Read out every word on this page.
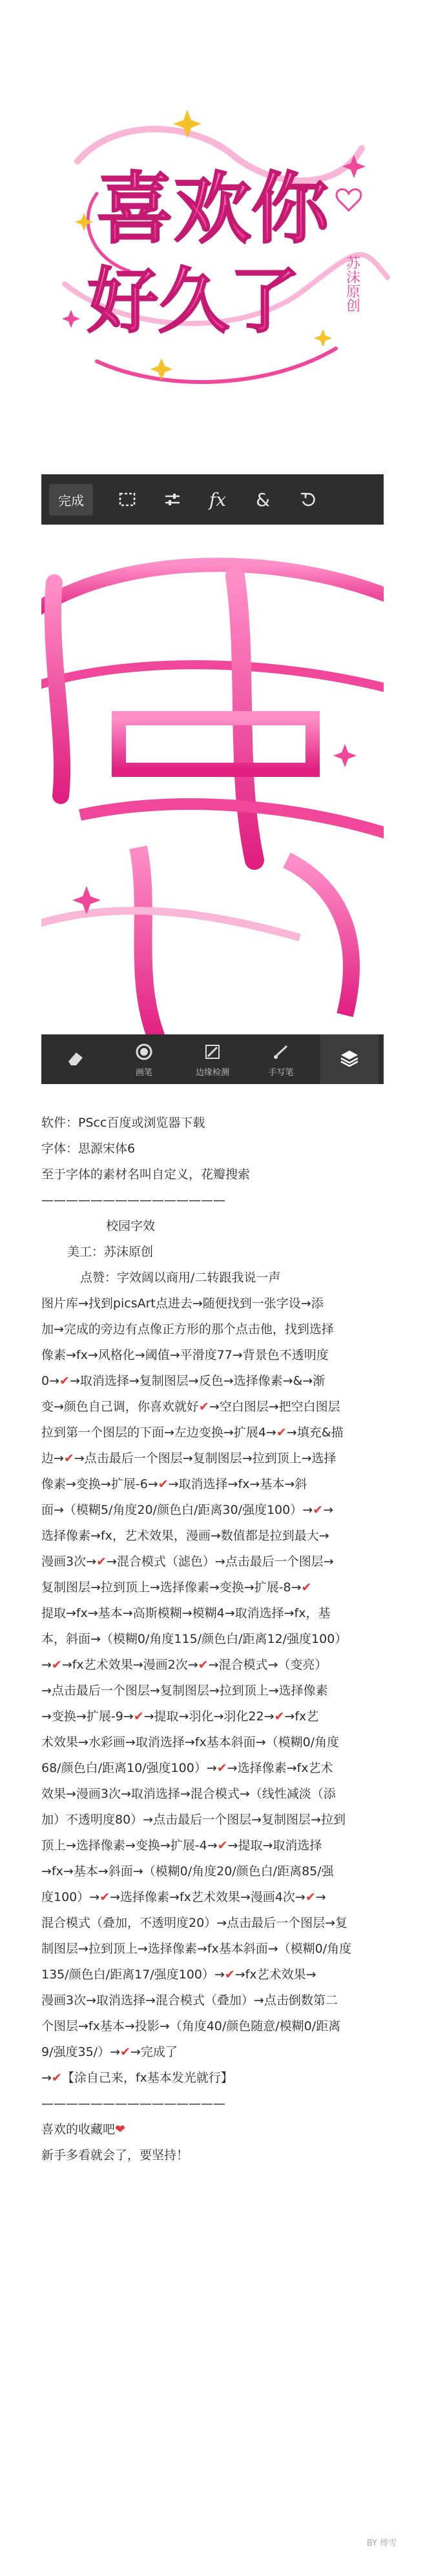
喜欢你
好久了	苏沫原创
完成	fx &
画笔	边缘检测	手写笔
软件：PScc百度或浏览器下载
字体：思源宋体6
至于字体的素材名叫自定义，花瓣搜索
———————————————
校园字效
美工：苏沫原创
点赞：字效阔以商用/二转跟我说一声
图片库→找到picsArt点进去→随便找到一张字设→添
加→完成的旁边有点像正方形的那个点击他，找到选择
像素→fx→风格化→阈值→平滑度77→背景色不透明度
0→✔→取消选择→复制图层→反色→选择像素→&→渐
变→颜色自己调，你喜欢就好✔→空白图层→把空白图层
拉到第一个图层的下面→左边变换→扩展4→✔→填充&描
边→✔→点击最后一个图层→复制图层→拉到顶上→选择
像素→变换→扩展-6→✔→取消选择→fx→基本→斜
面→（模糊5/角度20/颜色白/距离30/强度100）→✔→
选择像素→fx，艺术效果，漫画→数值都是拉到最大→
漫画3次→✔→混合模式（滤色）→点击最后一个图层→
复制图层→拉到顶上→选择像素→变换→扩展-8→✔
提取→fx→基本→高斯模糊→模糊4→取消选择→fx，基
本，斜面→（模糊0/角度115/颜色白/距离12/强度100）
→✔→fx艺术效果→漫画2次→✔→混合模式→（变亮）
→点击最后一个图层→复制图层→拉到顶上→选择像素
→变换→扩展-9→✔→提取→羽化→羽化22→✔→fx艺
术效果→水彩画→取消选择→fx基本斜面→（模糊0/角度
68/颜色白/距离10/强度100）→✔→选择像素→fx艺术
效果→漫画3次→取消选择→混合模式→（线性减淡（添
加）不透明度80）→点击最后一个图层→复制图层→拉到
顶上→选择像素→变换→扩展-4→✔→提取→取消选择
→fx→基本→斜面→（模糊0/角度20/颜色白/距离85/强
度100）→✔→选择像素→fx艺术效果→漫画4次→✔→
混合模式（叠加，不透明度20）→点击最后一个图层→复
制图层→拉到顶上→选择像素→fx基本斜面→（模糊0/角度
135/颜色白/距离17/强度100）→✔→fx艺术效果→
漫画3次→取消选择→混合模式（叠加）→点击倒数第二
个图层→fx基本→投影→（角度40/颜色随意/模糊0/距离
9/强度35/）→✔→完成了
→✔【涂自己来，fx基本发光就行】
———————————————
喜欢的收藏吧❤
新手多看就会了，要坚持！
BY 傅雪
